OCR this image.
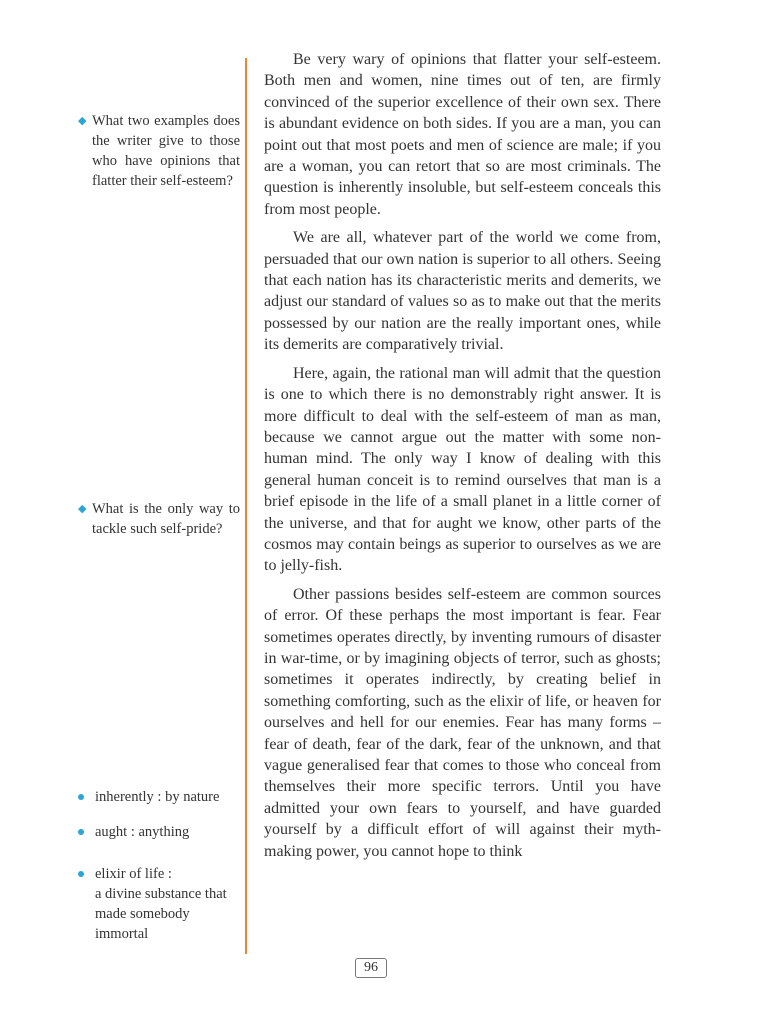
◆ What two examples does the writer give to those who have opinions that flatter their self-esteem?
◆ What is the only way to tackle such self-pride?
inherently : by nature
aught : anything
elixir of life :
a divine substance that made somebody immortal

Be very wary of opinions that flatter your self-esteem. Both men and women, nine times out of ten, are firmly convinced of the superior excellence of their own sex. There is abundant evidence on both sides. If you are a man, you can point out that most poets and men of science are male; if you are a woman, you can retort that so are most criminals. The question is inherently insoluble, but self-esteem conceals this from most people.

We are all, whatever part of the world we come from, persuaded that our own nation is superior to all others. Seeing that each nation has its characteristic merits and demerits, we adjust our standard of values so as to make out that the merits possessed by our nation are the really important ones, while its demerits are comparatively trivial.

Here, again, the rational man will admit that the question is one to which there is no demonstrably right answer. It is more difficult to deal with the self-esteem of man as man, because we cannot argue out the matter with some non-human mind. The only way I know of dealing with this general human conceit is to remind ourselves that man is a brief episode in the life of a small planet in a little corner of the universe, and that for aught we know, other parts of the cosmos may contain beings as superior to ourselves as we are to jelly-fish.

Other passions besides self-esteem are common sources of error. Of these perhaps the most important is fear. Fear sometimes operates directly, by inventing rumours of disaster in war-time, or by imagining objects of terror, such as ghosts; sometimes it operates indirectly, by creating belief in something comforting, such as the elixir of life, or heaven for ourselves and hell for our enemies. Fear has many forms – fear of death, fear of the dark, fear of the unknown, and that vague generalised fear that comes to those who conceal from themselves their more specific terrors. Until you have admitted your own fears to yourself, and have guarded yourself by a difficult effort of will against their myth-making power, you cannot hope to think

96
